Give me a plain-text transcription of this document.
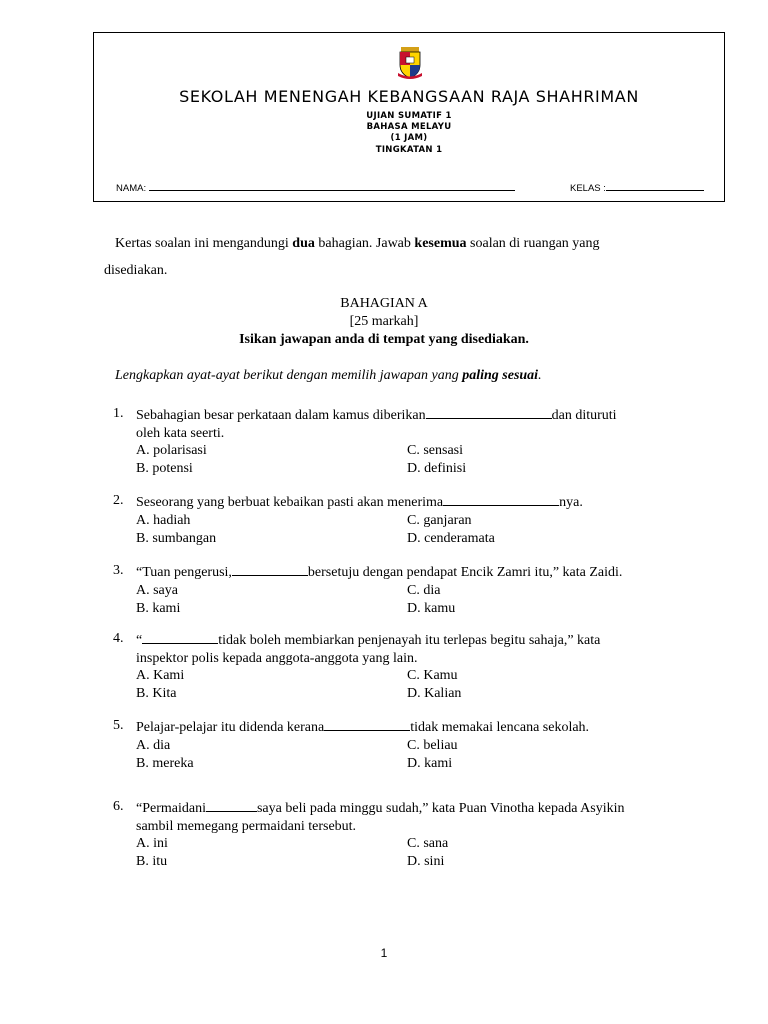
SEKOLAH MENENGAH KEBANGSAAN RAJA SHAHRIMAN
UJIAN SUMATIF 1
BAHASA MELAYU
(1 JAM)
TINGKATAN 1
NAMA:	KELAS :
Kertas soalan ini mengandungi dua bahagian. Jawab kesemua soalan di ruangan yang
disediakan.
BAHAGIAN A
[25 markah]
Isikan jawapan anda di tempat yang disediakan.
Lengkapkan ayat-ayat berikut dengan memilih jawapan yang paling sesuai.
1. Sebahagian besar perkataan dalam kamus diberikan	dan dituruti
oleh kata seerti.
A. polarisasi
B. potensi
C. sensasi
D. definisi
2. Seseorang yang berbuat kebaikan pasti akan menerima	nya.
A. hadiah
B. sumbangan
C. ganjaran
D. cenderamata
3. “Tuan pengerusi,	bersetuju dengan pendapat Encik Zamri itu,” kata Zaidi.
A. saya
B. kami
C. dia
D. kamu
4. “	tidak boleh membiarkan penjenayah itu terlepas begitu sahaja,” kata
inspektor polis kepada anggota-anggota yang lain.
A. Kami
B. Kita
C. Kamu
D. Kalian
5. Pelajar-pelajar itu didenda kerana	tidak memakai lencana sekolah.
A. dia
B. mereka
C. beliau
D. kami
6. “Permaidani	saya beli pada minggu sudah,” kata Puan Vinotha kepada Asyikin
sambil memegang permaidani tersebut.
A. ini
B. itu
C. sana
D. sini
1
